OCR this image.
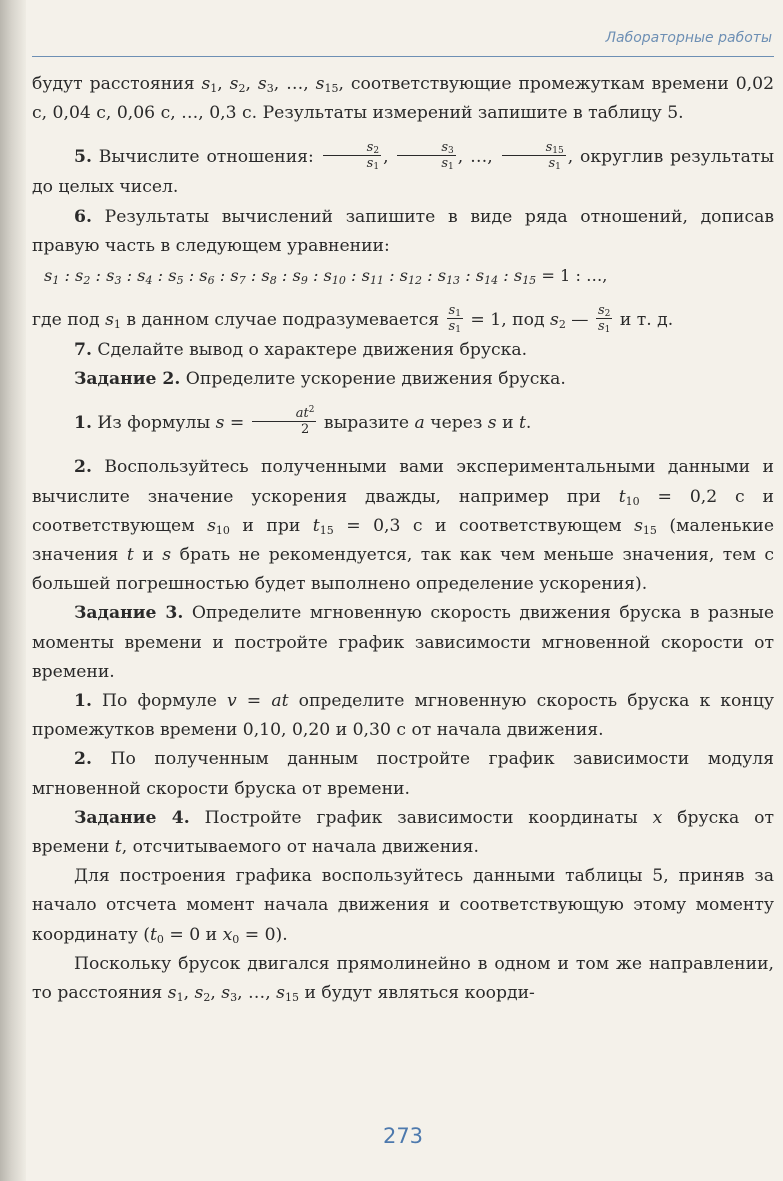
Лабораторные работы

будут расстояния $s_1$, $s_2$, $s_3$, …, $s_{15}$, соответствующие промежуткам времени 0,02 с, 0,04 с, 0,06 с, …, 0,3 с. Результаты измерений запишите в таблицу 5.

5. Вычислите отношения: $\frac{s_2}{s_1}$ , $\frac{s_3}{s_1}$ , …, $\frac{s_{15}}{s_1}$ , округлив результаты до целых чисел.

6. Результаты вычислений запишите в виде ряда отношений, дописав правую часть в следующем уравнении:

$s_1$ : $s_2$ : $s_3$ : $s_4$ : $s_5$ : $s_6$ : $s_7$ : $s_8$ : $s_9$ : $s_{10}$ : $s_{11}$ : $s_{12}$ : $s_{13}$ : $s_{14}$ : $s_{15} = 1$ : …,

где под $s_1$ в данном случае подразумевается $\frac{s_1}{s_1} = 1$, под $s_2$ — $\frac{s_2}{s_1}$ и т. д.

7. Сделайте вывод о характере движения бруска.

Задание 2. Определите ускорение движения бруска.

1. Из формулы $s = \frac{at^2}{2}$ выразите a через s и t.

2. Воспользуйтесь полученными вами экспериментальными данными и вычислите значение ускорения дважды, например при $t_{10} = 0,2$ с и соответствующем $s_{10}$ и при $t_{15} = 0,3$ с и соответствующем $s_{15}$ (маленькие значения t и s брать не рекомендуется, так как чем меньше значения, тем с большей погрешностью будет выполнено определение ускорения).

Задание 3. Определите мгновенную скорость движения бруска в разные моменты времени и постройте график зависимости мгновенной скорости от времени.

1. По формуле v = at определите мгновенную скорость бруска к концу промежутков времени 0,10, 0,20 и 0,30 с от начала движения.

2. По полученным данным постройте график зависимости модуля мгновенной скорости бруска от времени.

Задание 4. Постройте график зависимости координаты x бруска от времени t, отсчитываемого от начала движения.

Для построения графика воспользуйтесь данными таблицы 5, приняв за начало отсчета момент начала движения и соответствующую этому моменту координату ($t_0 = 0$ и $x_0 = 0$).

Поскольку брусок двигался прямолинейно в одном и том же направлении, то расстояния $s_1$, $s_2$, $s_3$, …, $s_{15}$ и будут являться коорди-

273
